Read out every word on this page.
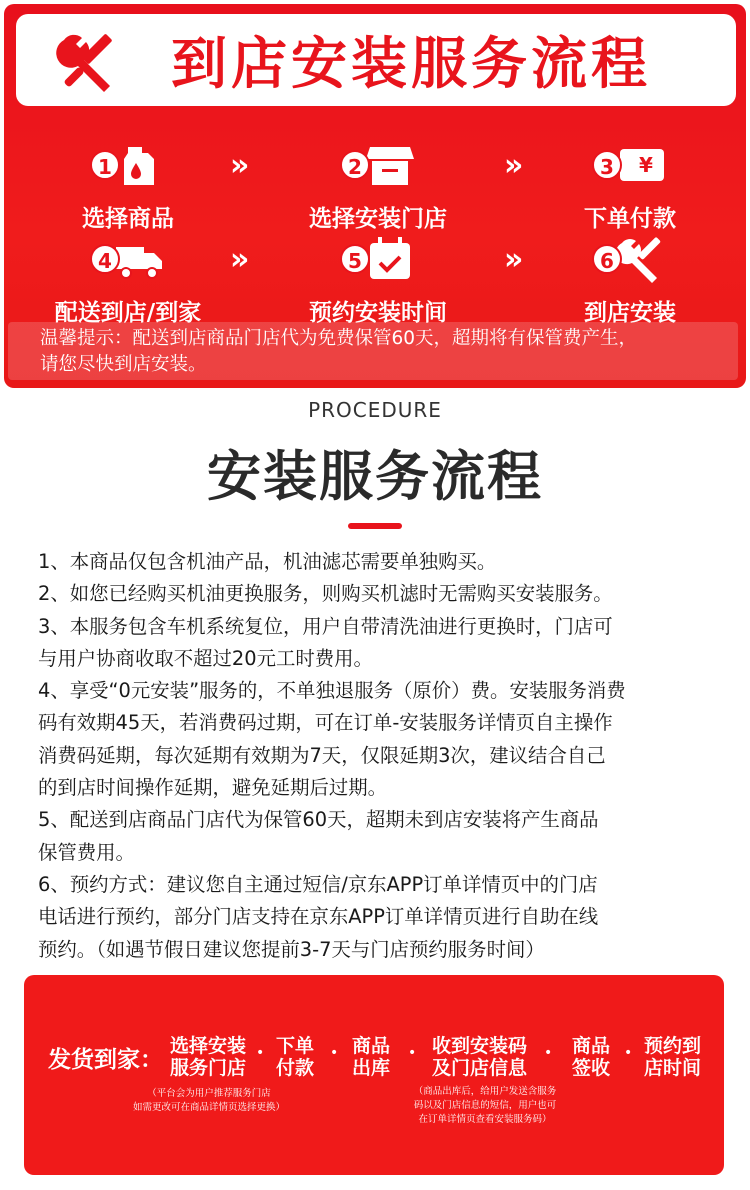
到店安装服务流程
1
选择商品
»	2
选择安装门店
»	3	¥
下单付款
4
配送到店/到家
»	5
预约安装时间
»	6
到店安装
温馨提示：配送到店商品门店代为免费保管60天，超期将有保管费产生，
请您尽快到店安装。
PROCEDURE
安装服务流程

1、本商品仅包含机油产品，机油滤芯需要单独购买。

2、如您已经购买机油更换服务，则购买机滤时无需购买安装服务。

3、本服务包含车机系统复位，用户自带清洗油进行更换时，门店可

与用户协商收取不超过20元工时费用。

4、享受“0元安装”服务的，不单独退服务（原价）费。安装服务消费

码有效期45天，若消费码过期，可在订单-安装服务详情页自主操作

消费码延期，每次延期有效期为7天，仅限延期3次，建议结合自己

的到店时间操作延期，避免延期后过期。

5、配送到店商品门店代为保管60天，超期未到店安装将产生商品

保管费用。

6、预约方式：建议您自主通过短信/京东APP订单详情页中的门店

电话进行预约，部分门店支持在京东APP订单详情页进行自助在线

预约。（如遇节假日建议您提前3-7天与门店预约服务时间）

发货到家：
选择安装
服务门店
• 下单
付款
• 商品
出库
• 收到安装码
及门店信息
• 商品
签收
• 预约到
店时间
（平台会为用户推荐服务门店
如需更改可在商品详情页选择更换）
（商品出库后，给用户发送含服务
码以及门店信息的短信，用户也可
在订单详情页查看安装服务码）
